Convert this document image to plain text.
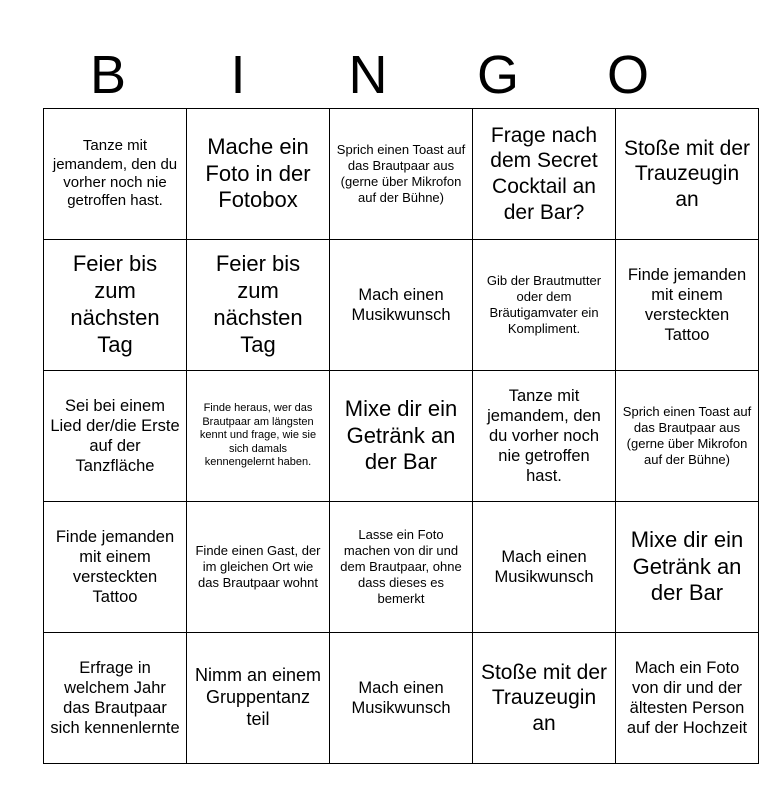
B	I	N	G	O
Tanze mit jemandem, den du vorher noch nie getroffen hast.	Mache ein Foto in der Fotobox	Sprich einen Toast auf das Brautpaar aus (gerne über Mikrofon auf der Bühne)	Frage nach dem Secret Cocktail an der Bar?	Stoße mit der Trauzeugin an
Feier bis zum nächsten Tag	Feier bis zum nächsten Tag	Mach einen Musikwunsch	Gib der Brautmutter oder dem Bräutigamvater ein Kompliment.	Finde jemanden mit einem versteckten Tattoo
Sei bei einem Lied der/die Erste auf der Tanzfläche	Finde heraus, wer das Brautpaar am längsten kennt und frage, wie sie sich damals kennengelernt haben.	Mixe dir ein Getränk an der Bar	Tanze mit jemandem, den du vorher noch nie getroffen hast.	Sprich einen Toast auf das Brautpaar aus (gerne über Mikrofon auf der Bühne)
Finde jemanden mit einem versteckten Tattoo	Finde einen Gast, der im gleichen Ort wie das Brautpaar wohnt	Lasse ein Foto machen von dir und dem Brautpaar, ohne dass dieses es bemerkt	Mach einen Musikwunsch	Mixe dir ein Getränk an der Bar
Erfrage in welchem Jahr das Brautpaar sich kennenlernte	Nimm an einem Gruppentanz teil	Mach einen Musikwunsch	Stoße mit der Trauzeugin an	Mach ein Foto von dir und der ältesten Person auf der Hochzeit
